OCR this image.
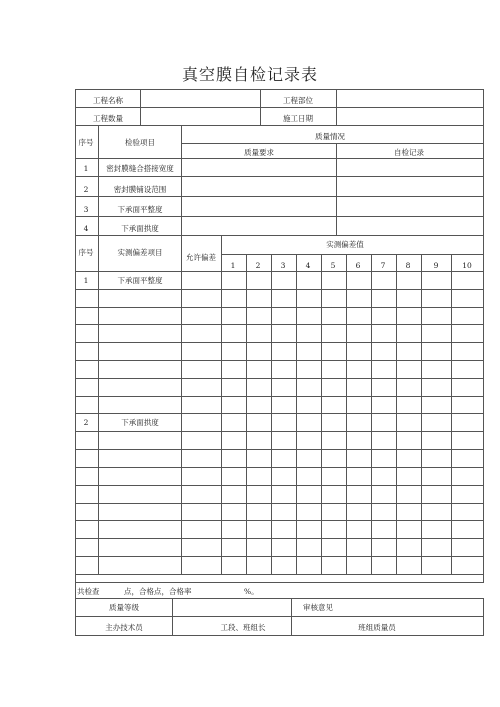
真空膜自检记录表
工程名称	工程部位
工程数量	施工日期
序号	检验项目
质量情况
质量要求	自检记录
1 密封膜缝合搭接宽度
2	密封膜铺设范围
3	下承面平整度
4	下承面拱度
序号	实测偏差项目
允许偏差
实测偏差值
1	2	3	4	5	6	7	8	9	10
1	下承面平整度
2	下承面拱度
共检查	点，合格点，合格率	%。
质量等级	审核意见
主办技术员	工段、班组长	班组质量员
